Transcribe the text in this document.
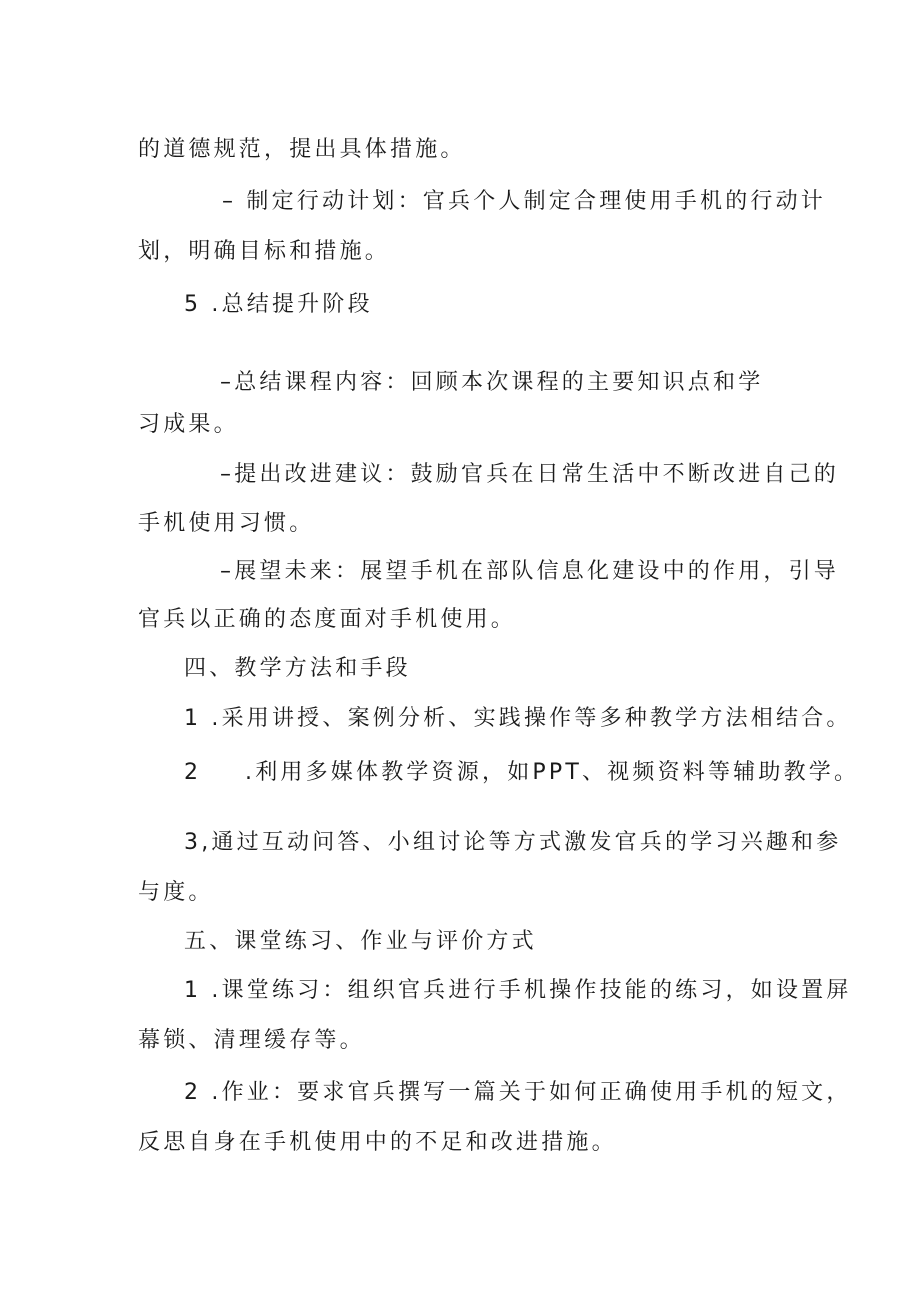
的道德规范，提出具体措施。
– 制定行动计划：官兵个人制定合理使用手机的行动计
划，明确目标和措施。
5 .总结提升阶段
–总结课程内容：回顾本次课程的主要知识点和学
习成果。
–提出改进建议：鼓励官兵在日常生活中不断改进自己的
手机使用习惯。
–展望未来：展望手机在部队信息化建设中的作用，引导
官兵以正确的态度面对手机使用。
四、教学方法和手段
1 .采用讲授、案例分析、实践操作等多种教学方法相结合。
2 .利用多媒体教学资源，如PPT、视频资料等辅助教学。
3,通过互动问答、小组讨论等方式激发官兵的学习兴趣和参
与度。
五、课堂练习、作业与评价方式
1 .课堂练习：组织官兵进行手机操作技能的练习，如设置屏
幕锁、清理缓存等。
2 .作业：要求官兵撰写一篇关于如何正确使用手机的短文，
反思自身在手机使用中的不足和改进措施。
